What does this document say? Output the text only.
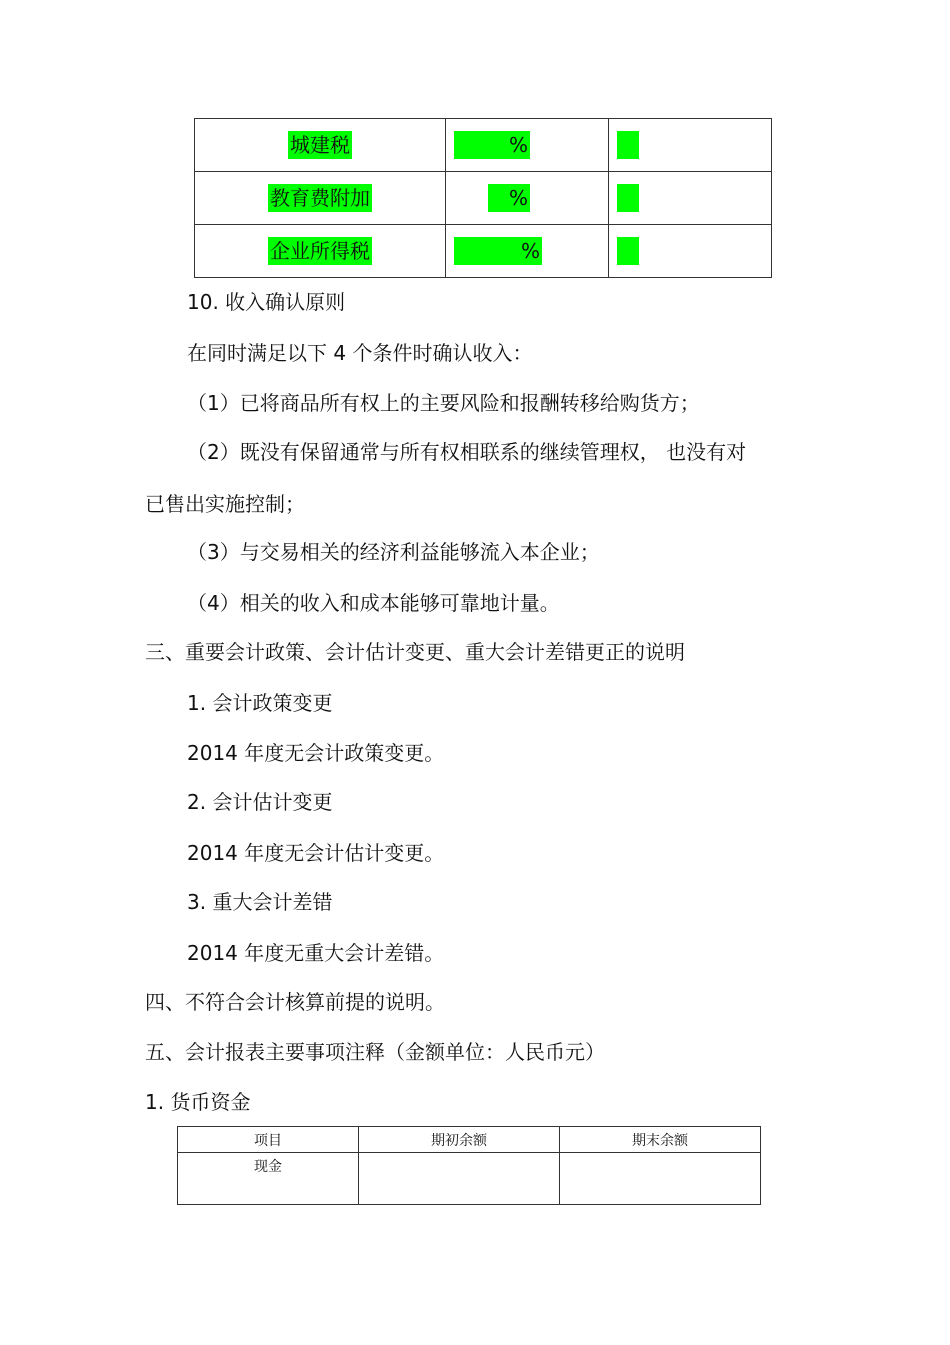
城建税	%	

教育费附加	%	

企业所得税	%	

10. 收入确认原则
在同时满足以下 4 个条件时确认收入：
（1）已将商品所有权上的主要风险和报酬转移给购货方；
（2）既没有保留通常与所有权相联系的继续管理权， 也没有对
已售出实施控制；
（3）与交易相关的经济利益能够流入本企业；
（4）相关的收入和成本能够可靠地计量。
三、重要会计政策、会计估计变更、重大会计差错更正的说明
1. 会计政策变更
2014 年度无会计政策变更。
2. 会计估计变更
2014 年度无会计估计变更。
3. 重大会计差错
2014 年度无重大会计差错。
四、不符合会计核算前提的说明。
五、会计报表主要事项注释（金额单位：人民币元）
1. 货币资金
项目	期初余额	期末余额
现金		
